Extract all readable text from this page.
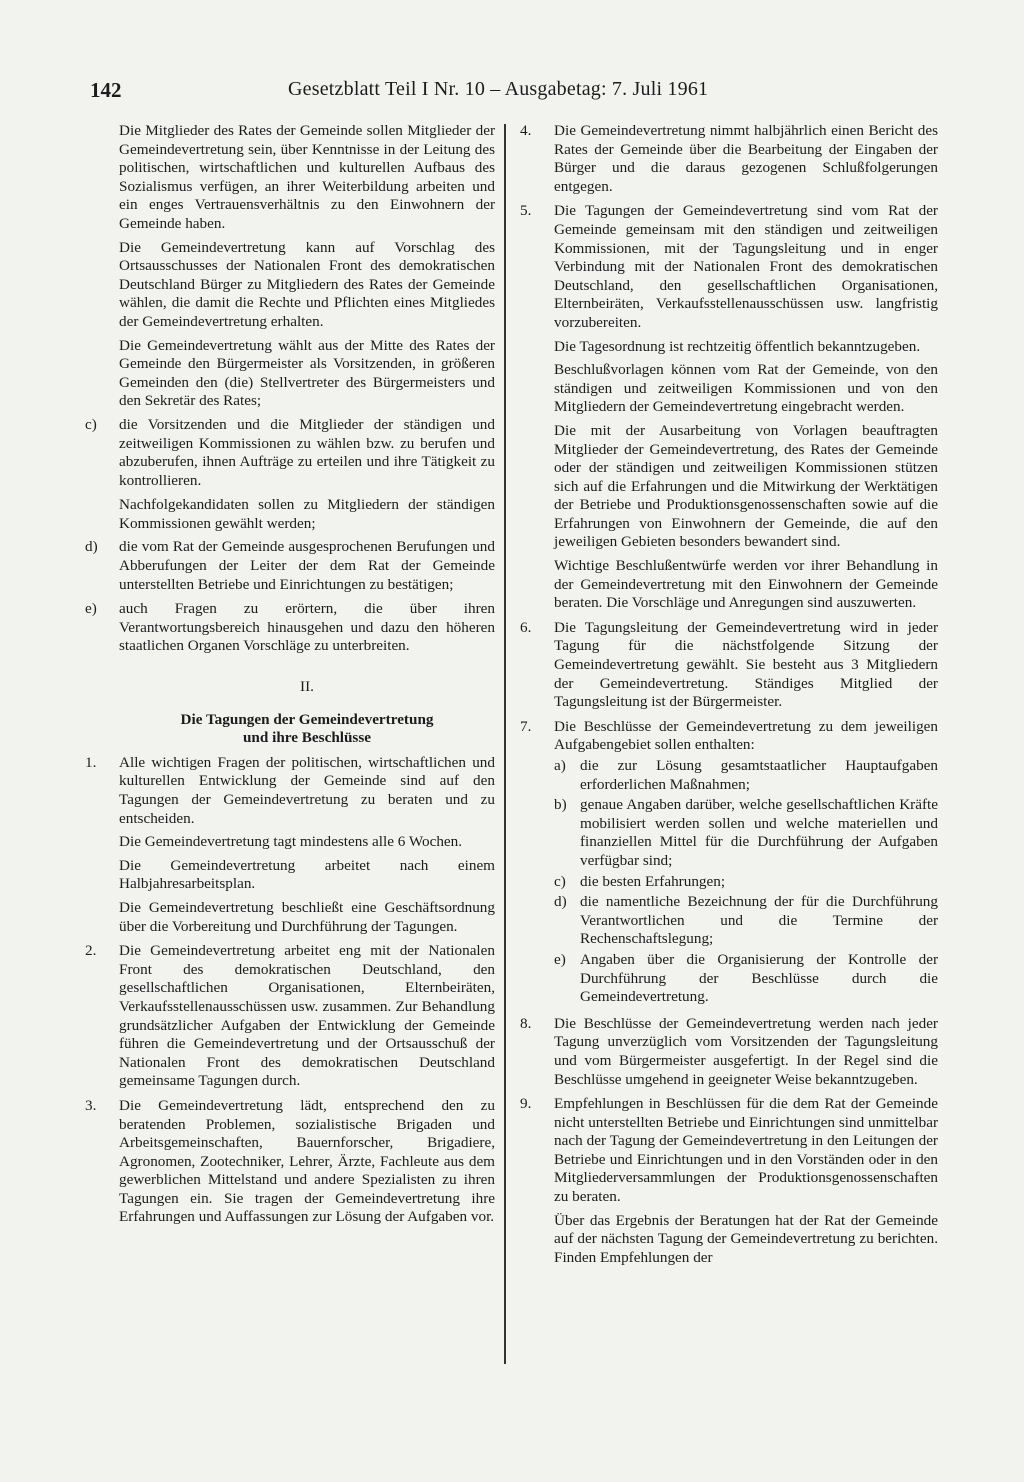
142	Gesetzblatt Teil I Nr. 10 – Ausgabetag: 7. Juli 1961

Die Mitglieder des Rates der Gemeinde sollen Mitglieder der Gemeindevertretung sein, über Kenntnisse in der Leitung des politischen, wirtschaftlichen und kulturellen Aufbaus des Sozialismus verfügen, an ihrer Weiterbildung arbeiten und ein enges Vertrauensverhältnis zu den Einwohnern der Gemeinde haben.

Die Gemeindevertretung kann auf Vorschlag des Ortsausschusses der Nationalen Front des demokratischen Deutschland Bürger zu Mitgliedern des Rates der Gemeinde wählen, die damit die Rechte und Pflichten eines Mitgliedes der Gemeindevertretung erhalten.

Die Gemeindevertretung wählt aus der Mitte des Rates der Gemeinde den Bürgermeister als Vorsitzenden, in größeren Gemeinden den (die) Stellvertreter des Bürgermeisters und den Sekretär des Rates;

c)	die Vorsitzenden und die Mitglieder der ständigen und zeitweiligen Kommissionen zu wählen bzw. zu berufen und abzuberufen, ihnen Aufträge zu erteilen und ihre Tätigkeit zu kontrollieren.

Nachfolgekandidaten sollen zu Mitgliedern der ständigen Kommissionen gewählt werden;

d)	die vom Rat der Gemeinde ausgesprochenen Berufungen und Abberufungen der Leiter der dem Rat der Gemeinde unterstellten Betriebe und Einrichtungen zu bestätigen;

e)	auch Fragen zu erörtern, die über ihren Verantwortungsbereich hinausgehen und dazu den höheren staatlichen Organen Vorschläge zu unterbreiten.

II.
Die Tagungen der Gemeindevertretung
und ihre Beschlüsse
1.	Alle wichtigen Fragen der politischen, wirtschaftlichen und kulturellen Entwicklung der Gemeinde sind auf den Tagungen der Gemeindevertretung zu beraten und zu entscheiden.

Die Gemeindevertretung tagt mindestens alle 6 Wochen.

Die Gemeindevertretung arbeitet nach einem Halbjahresarbeitsplan.

Die Gemeindevertretung beschließt eine Geschäftsordnung über die Vorbereitung und Durchführung der Tagungen.

2.	Die Gemeindevertretung arbeitet eng mit der Nationalen Front des demokratischen Deutschland, den gesellschaftlichen Organisationen, Elternbeiräten, Verkaufsstellenausschüssen usw. zusammen. Zur Behandlung grundsätzlicher Aufgaben der Entwicklung der Gemeinde führen die Gemeindevertretung und der Ortsausschuß der Nationalen Front des demokratischen Deutschland gemeinsame Tagungen durch.

3.	Die Gemeindevertretung lädt, entsprechend den zu beratenden Problemen, sozialistische Brigaden und Arbeitsgemeinschaften, Bauernforscher, Brigadiere, Agronomen, Zootechniker, Lehrer, Ärzte, Fachleute aus dem gewerblichen Mittelstand und andere Spezialisten zu ihren Tagungen ein. Sie tragen der Gemeindevertretung ihre Erfahrungen und Auffassungen zur Lösung der Aufgaben vor.

4.	Die Gemeindevertretung nimmt halbjährlich einen Bericht des Rates der Gemeinde über die Bearbeitung der Eingaben der Bürger und die daraus gezogenen Schlußfolgerungen entgegen.

5.	Die Tagungen der Gemeindevertretung sind vom Rat der Gemeinde gemeinsam mit den ständigen und zeitweiligen Kommissionen, mit der Tagungsleitung und in enger Verbindung mit der Nationalen Front des demokratischen Deutschland, den gesellschaftlichen Organisationen, Elternbeiräten, Verkaufsstellenausschüssen usw. langfristig vorzubereiten.

Die Tagesordnung ist rechtzeitig öffentlich bekanntzugeben.

Beschlußvorlagen können vom Rat der Gemeinde, von den ständigen und zeitweiligen Kommissionen und von den Mitgliedern der Gemeindevertretung eingebracht werden.

Die mit der Ausarbeitung von Vorlagen beauftragten Mitglieder der Gemeindevertretung, des Rates der Gemeinde oder der ständigen und zeitweiligen Kommissionen stützen sich auf die Erfahrungen und die Mitwirkung der Werktätigen der Betriebe und Produktionsgenossenschaften sowie auf die Erfahrungen von Einwohnern der Gemeinde, die auf den jeweiligen Gebieten besonders bewandert sind.

Wichtige Beschlußentwürfe werden vor ihrer Behandlung in der Gemeindevertretung mit den Einwohnern der Gemeinde beraten. Die Vorschläge und Anregungen sind auszuwerten.

6.	Die Tagungsleitung der Gemeindevertretung wird in jeder Tagung für die nächstfolgende Sitzung der Gemeindevertretung gewählt. Sie besteht aus 3 Mitgliedern der Gemeindevertretung. Ständiges Mitglied der Tagungsleitung ist der Bürgermeister.

7.	Die Beschlüsse der Gemeindevertretung zu dem jeweiligen Aufgabengebiet sollen enthalten:

a) die zur Lösung gesamtstaatlicher Hauptaufgaben erforderlichen Maßnahmen;

b) genaue Angaben darüber, welche gesellschaftlichen Kräfte mobilisiert werden sollen und welche materiellen und finanziellen Mittel für die Durchführung der Aufgaben verfügbar sind;

c) die besten Erfahrungen;

d) die namentliche Bezeichnung der für die Durchführung Verantwortlichen und die Termine der Rechenschaftslegung;

e) Angaben über die Organisierung der Kontrolle der Durchführung der Beschlüsse durch die Gemeindevertretung.

8.	Die Beschlüsse der Gemeindevertretung werden nach jeder Tagung unverzüglich vom Vorsitzenden der Tagungsleitung und vom Bürgermeister ausgefertigt. In der Regel sind die Beschlüsse umgehend in geeigneter Weise bekanntzugeben.

9.	Empfehlungen in Beschlüssen für die dem Rat der Gemeinde nicht unterstellten Betriebe und Einrichtungen sind unmittelbar nach der Tagung der Gemeindevertretung in den Leitungen der Betriebe und Einrichtungen und in den Vorständen oder in den Mitgliederversammlungen der Produktionsgenossenschaften zu beraten.

Über das Ergebnis der Beratungen hat der Rat der Gemeinde auf der nächsten Tagung der Gemeindevertretung zu berichten. Finden Empfehlungen der
